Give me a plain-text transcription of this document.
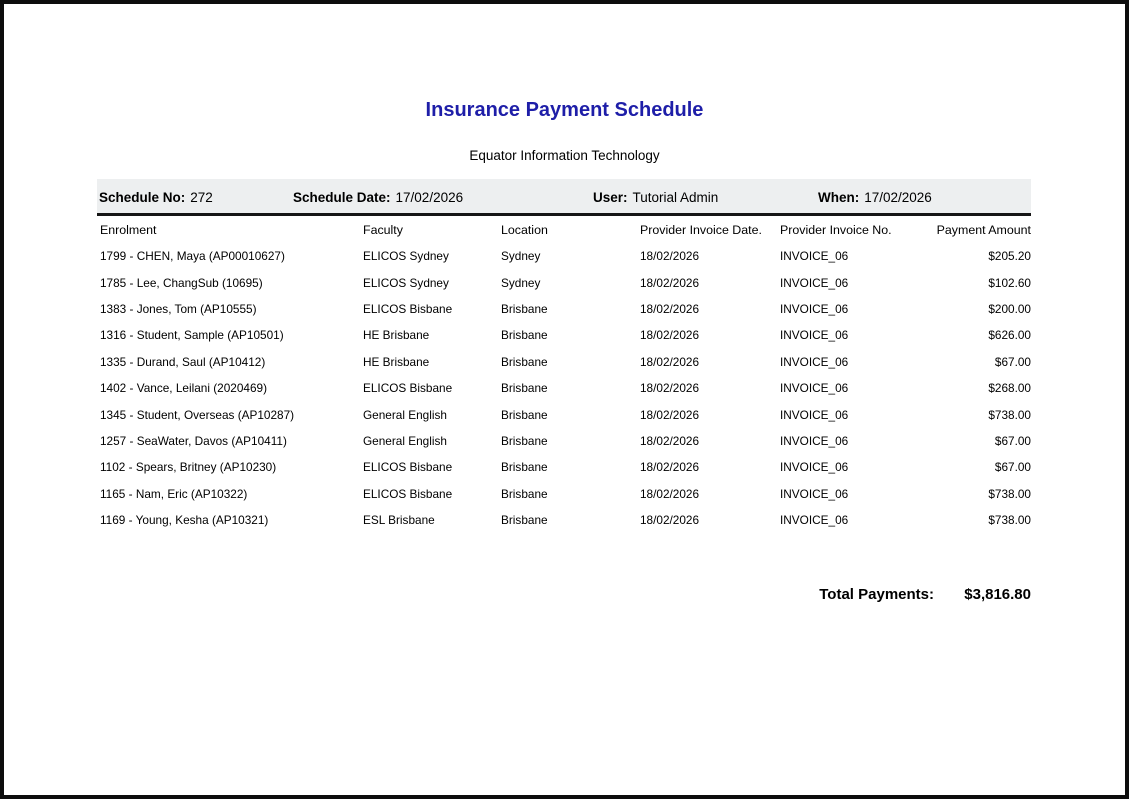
Insurance Payment Schedule
Equator Information Technology
Schedule No: 272	Schedule Date: 17/02/2026	User: Tutorial Admin	When: 17/02/2026
Enrolment	Faculty	Location	Provider Invoice Date.	Provider Invoice No.	Payment Amount
1799 - CHEN, Maya (AP00010627)	ELICOS Sydney	Sydney	18/02/2026	INVOICE_06	$205.20
1785 - Lee, ChangSub (10695)	ELICOS Sydney	Sydney	18/02/2026	INVOICE_06	$102.60
1383 - Jones, Tom (AP10555)	ELICOS Bisbane	Brisbane	18/02/2026	INVOICE_06	$200.00
1316 - Student, Sample (AP10501)	HE Brisbane	Brisbane	18/02/2026	INVOICE_06	$626.00
1335 - Durand, Saul (AP10412)	HE Brisbane	Brisbane	18/02/2026	INVOICE_06	$67.00
1402 - Vance, Leilani (2020469)	ELICOS Bisbane	Brisbane	18/02/2026	INVOICE_06	$268.00
1345 - Student, Overseas (AP10287)	General English	Brisbane	18/02/2026	INVOICE_06	$738.00
1257 - SeaWater, Davos (AP10411)	General English	Brisbane	18/02/2026	INVOICE_06	$67.00
1102 - Spears, Britney (AP10230)	ELICOS Bisbane	Brisbane	18/02/2026	INVOICE_06	$67.00
1165 - Nam, Eric (AP10322)	ELICOS Bisbane	Brisbane	18/02/2026	INVOICE_06	$738.00
1169 - Young, Kesha (AP10321)	ESL Brisbane	Brisbane	18/02/2026	INVOICE_06	$738.00
Total Payments:	$3,816.80
